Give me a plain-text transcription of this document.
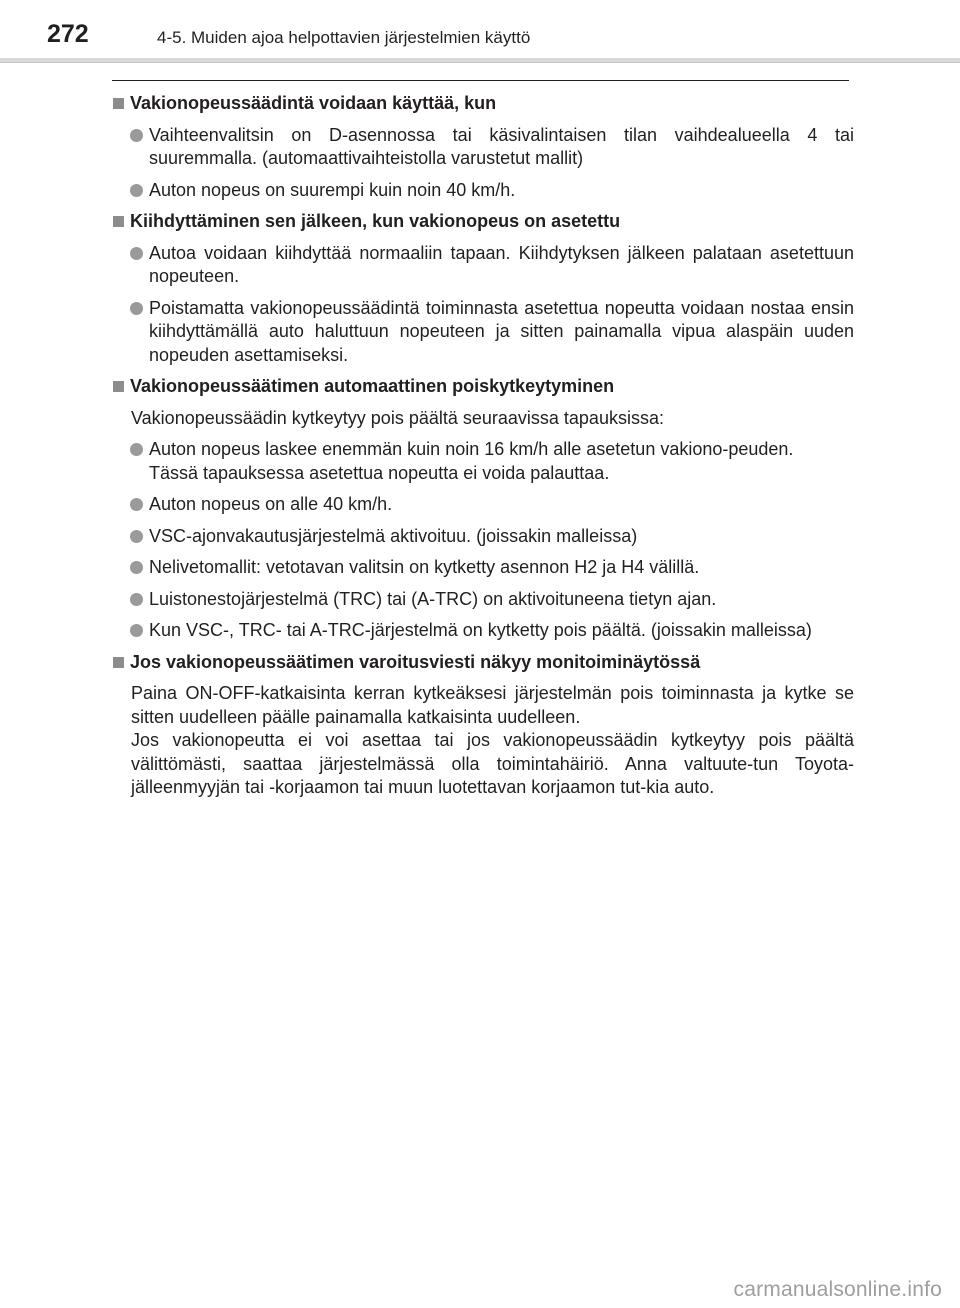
272	4-5. Muiden ajoa helpottavien järjestelmien käyttö
Vakionopeussäädintä voidaan käyttää, kun
Vaihteenvalitsin on D-asennossa tai käsivalintaisen tilan vaihdealueella 4 tai suuremmalla. (automaattivaihteistolla varustetut mallit)
Auton nopeus on suurempi kuin noin 40 km/h.
Kiihdyttäminen sen jälkeen, kun vakionopeus on asetettu
Autoa voidaan kiihdyttää normaaliin tapaan. Kiihdytyksen jälkeen palataan asetettuun nopeuteen.
Poistamatta vakionopeussäädintä toiminnasta asetettua nopeutta voidaan nostaa ensin kiihdyttämällä auto haluttuun nopeuteen ja sitten painamalla vipua alaspäin uuden nopeuden asettamiseksi.
Vakionopeussäätimen automaattinen poiskytkeytyminen
Vakionopeussäädin kytkeytyy pois päältä seuraavissa tapauksissa:
Auton nopeus laskee enemmän kuin noin 16 km/h alle asetetun vakiono-peuden.
Tässä tapauksessa asetettua nopeutta ei voida palauttaa.
Auton nopeus on alle 40 km/h.
VSC-ajonvakautusjärjestelmä aktivoituu. (joissakin malleissa)
Nelivetomallit: vetotavan valitsin on kytketty asennon H2 ja H4 välillä.
Luistonestojärjestelmä (TRC) tai (A-TRC) on aktivoituneena tietyn ajan.
Kun VSC-, TRC- tai A-TRC-järjestelmä on kytketty pois päältä. (joissakin malleissa)
Jos vakionopeussäätimen varoitusviesti näkyy monitoiminäytössä
Paina ON-OFF-katkaisinta kerran kytkeäksesi järjestelmän pois toiminnasta ja kytke se sitten uudelleen päälle painamalla katkaisinta uudelleen.
Jos vakionopeutta ei voi asettaa tai jos vakionopeussäädin kytkeytyy pois päältä välittömästi, saattaa järjestelmässä olla toimintahäiriö. Anna valtuute-tun Toyota-jälleenmyyjän tai -korjaamon tai muun luotettavan korjaamon tut-kia auto.
carmanualsonline.info
